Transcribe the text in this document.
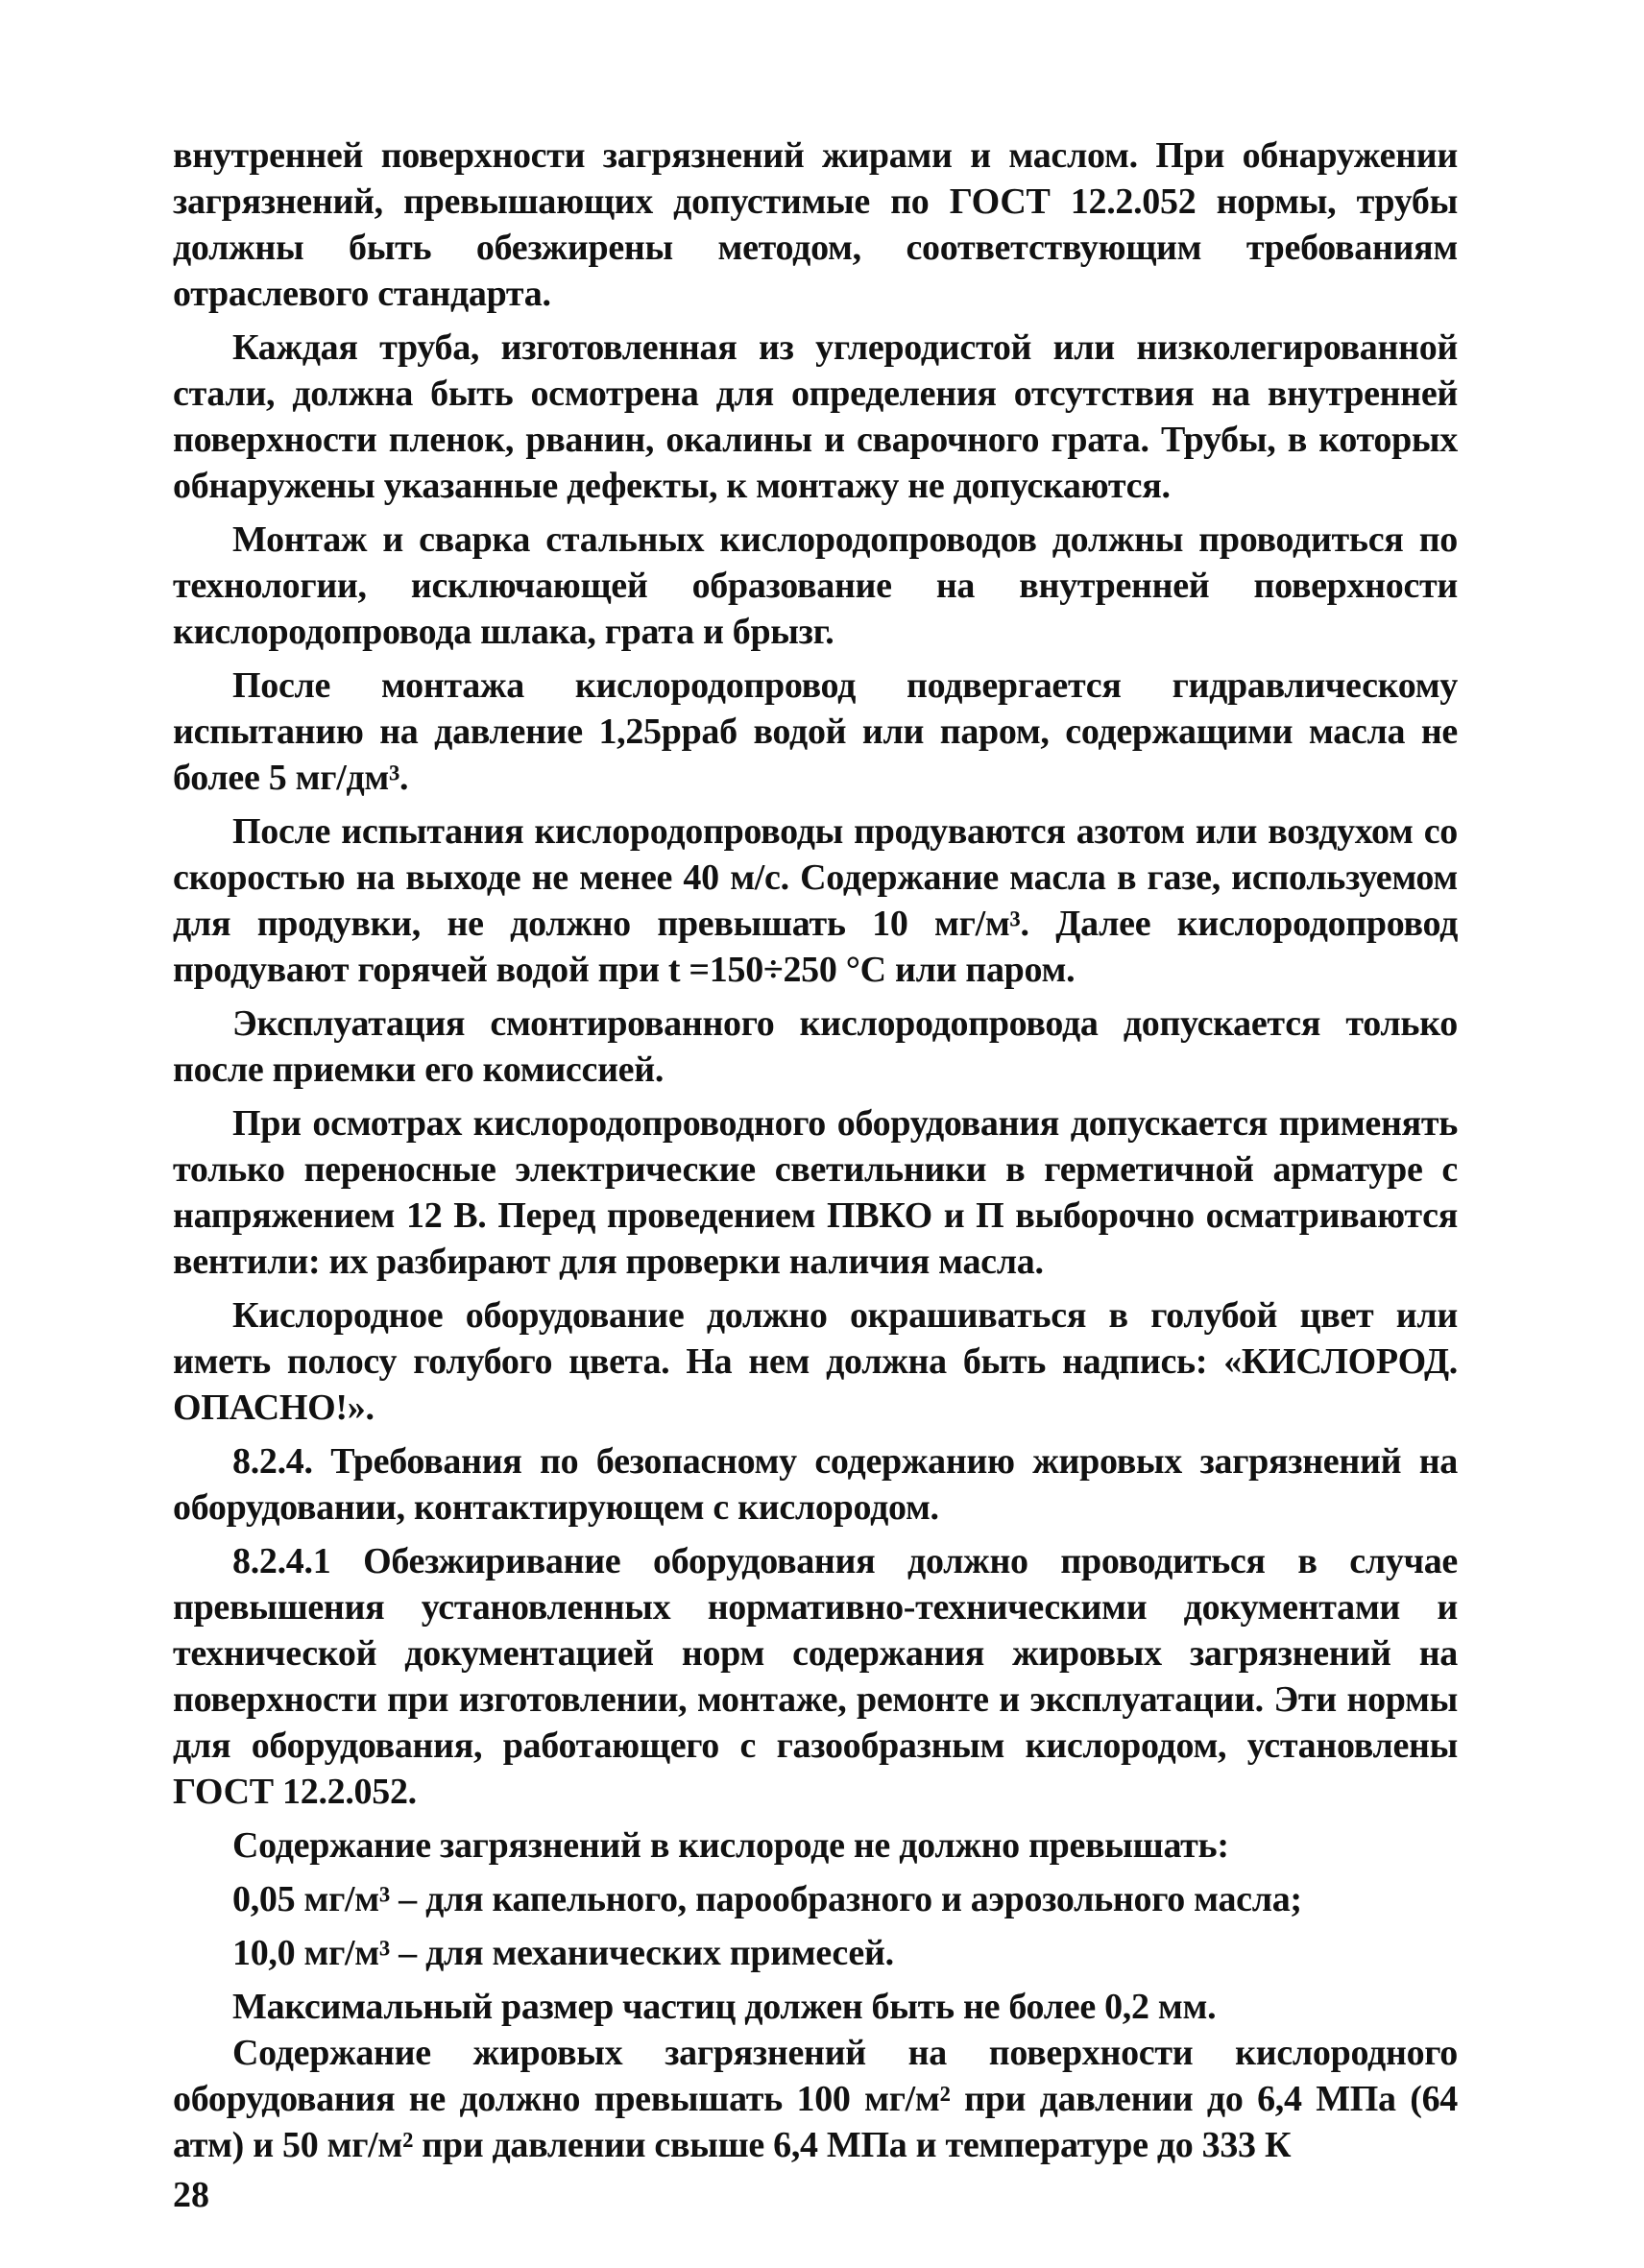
внутренней поверхности загрязнений жирами и маслом. При обнаружении загрязнений, превышающих допустимые по ГОСТ 12.2.052 нормы, трубы должны быть обезжирены методом, соответствующим требованиям отраслевого стандарта.

Каждая труба, изготовленная из углеродистой или низколегированной стали, должна быть осмотрена для определения отсутствия на внутренней поверхности пленок, рванин, окалины и сварочного грата. Трубы, в которых обнаружены указанные дефекты, к монтажу не допускаются.

Монтаж и сварка стальных кислородопроводов должны проводиться по технологии, исключающей образование на внутренней поверхности кислородопровода шлака, грата и брызг.

После монтажа кислородопровод подвергается гидравлическому испытанию на давление 1,25pраб водой или паром, содержащими масла не более 5 мг/дм³.

После испытания кислородопроводы продуваются азотом или воздухом со скоростью на выходе не менее 40 м/с. Содержание масла в газе, используемом для продувки, не должно превышать 10 мг/м³. Далее кислородопровод продувают горячей водой при t =150÷250 °С или паром.

Эксплуатация смонтированного кислородопровода допускается только после приемки его комиссией.

При осмотрах кислородопроводного оборудования допускается применять только переносные электрические светильники в герметичной арматуре с напряжением 12 В. Перед проведением ПВКО и П выборочно осматриваются вентили: их разбирают для проверки наличия масла.

Кислородное оборудование должно окрашиваться в голубой цвет или иметь полосу голубого цвета. На нем должна быть надпись: «КИСЛОРОД. ОПАСНО!».

8.2.4. Требования по безопасному содержанию жировых загрязнений на оборудовании, контактирующем с кислородом.

8.2.4.1 Обезжиривание оборудования должно проводиться в случае превышения установленных нормативно-техническими документами и технической документацией норм содержания жировых загрязнений на поверхности при изготовлении, монтаже, ремонте и эксплуатации. Эти нормы для оборудования, работающего с газообразным кислородом, установлены ГОСТ 12.2.052.

Содержание загрязнений в кислороде не должно превышать:

0,05 мг/м³ – для капельного, парообразного и аэрозольного масла;

10,0 мг/м³ – для механических примесей.

Максимальный размер частиц должен быть не более 0,2 мм.

Содержание жировых загрязнений на поверхности кислородного оборудования не должно превышать 100 мг/м² при давлении до 6,4 МПа (64 атм) и 50 мг/м² при давлении свыше 6,4 МПа и температуре до 333 К

28
